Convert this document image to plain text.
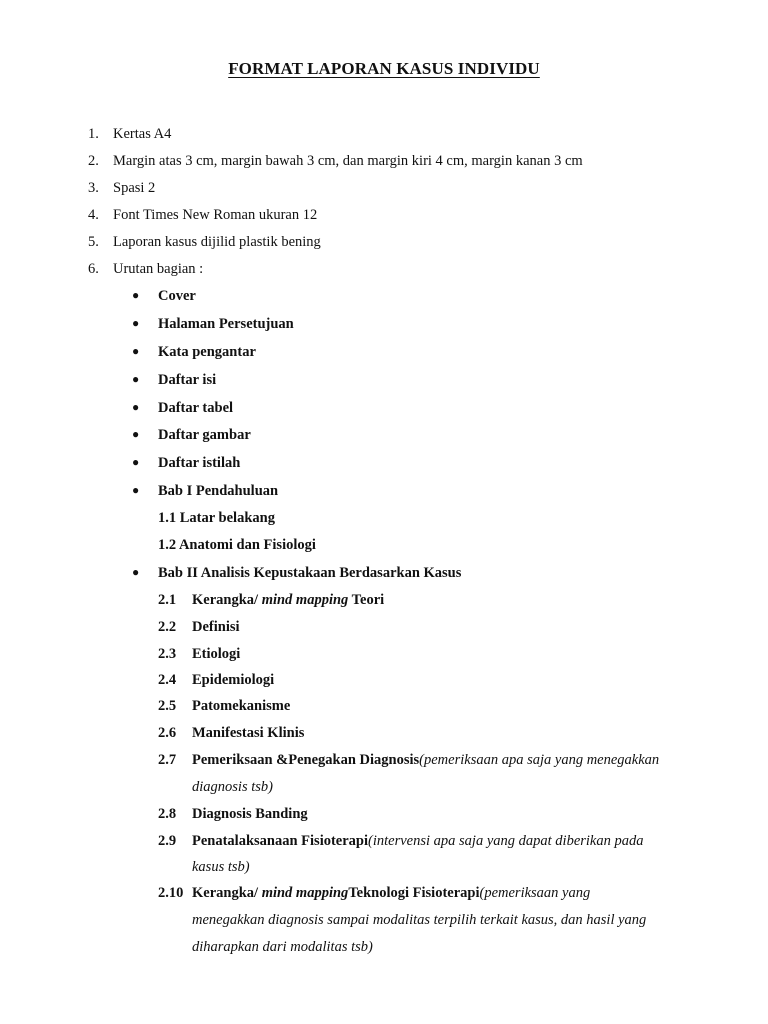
FORMAT LAPORAN KASUS INDIVIDU
1. Kertas A4
2. Margin atas 3 cm, margin bawah 3 cm, dan margin kiri 4 cm, margin kanan 3 cm
3. Spasi 2
4. Font Times New Roman ukuran 12
5. Laporan kasus dijilid plastik bening
6. Urutan bagian :
● Cover
● Halaman Persetujuan
● Kata pengantar
● Daftar isi
● Daftar tabel
● Daftar gambar
● Daftar istilah
● Bab I Pendahuluan
1.1 Latar belakang
1.2 Anatomi dan Fisiologi
● Bab II Analisis Kepustakaan Berdasarkan Kasus
2.1 Kerangka/ mind mapping Teori
2.2 Definisi
2.3 Etiologi
2.4 Epidemiologi
2.5 Patomekanisme
2.6 Manifestasi Klinis
2.7 Pemeriksaan &Penegakan Diagnosis(pemeriksaan apa saja yang menegakkan
diagnosis tsb)
2.8 Diagnosis Banding
2.9 Penatalaksanaan Fisioterapi(intervensi apa saja yang dapat diberikan pada
kasus tsb)
2.10 Kerangka/ mind mappingTeknologi Fisioterapi(pemeriksaan yang
menegakkan diagnosis sampai modalitas terpilih terkait kasus, dan hasil yang
diharapkan dari modalitas tsb)
